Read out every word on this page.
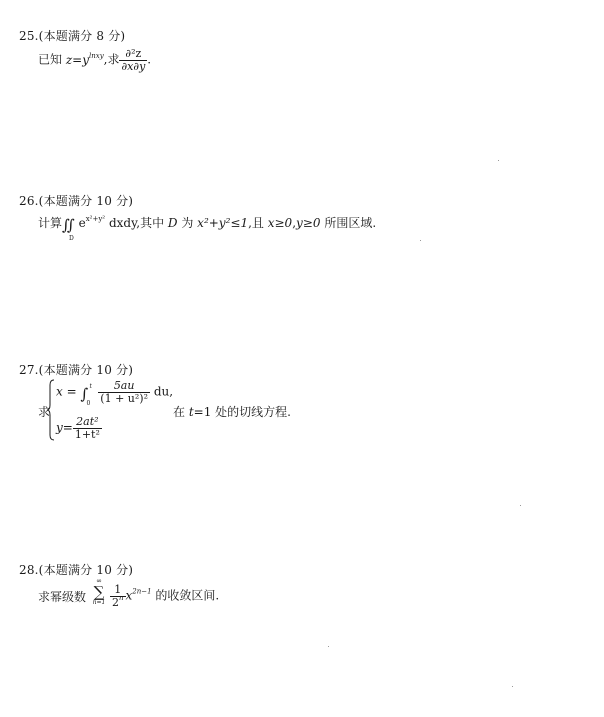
25.(本题满分 8 分)
已知 $z=y^{lnxy}$,求 $\frac{\text{∂²z}}{\partial x\partial y}$ .
26.(本题满分 10 分)
计算∬
D
$e^{x^2+y^2}$ dxdy,其中 D 为 x²+y²≤1,且 x≥0,y≥0 所围区域.
27.(本题满分 10 分)
求
x = ∫ t
0
$\frac{5au}{\text{(1 + u²)²}}$ du,
$y= \frac{\text{2at²}}{\text{1+t²}}$
在 t=1 处的切线方程.
28.(本题满分 10 分)
求幂级数
∞
∑
$n=1 \frac{1}{2^n} x^{2n-1}$ 的收敛区间.
